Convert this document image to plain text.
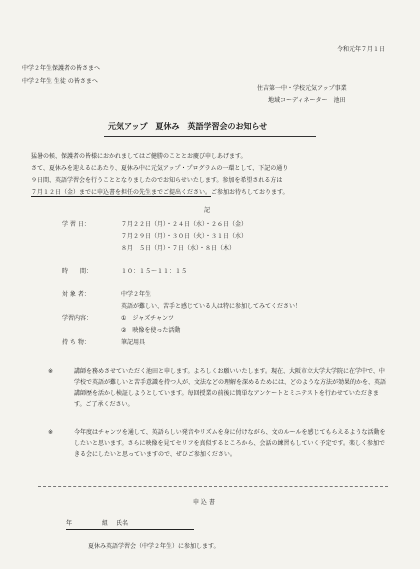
令和元年７月１日
中学２年生保護者の皆さまへ
中学２年生 生徒 の皆さまへ
住吉第一中・学校元気アップ事業
地域コーディネーター　池田
元気アップ　夏休み　英語学習会のお知らせ
猛暑の候、保護者の皆様におかれましてはご健勝のこととお慶び申しあげます。
さて、夏休みを迎えるにあたり、夏休み中に元気アップ・プログラムの一環として、下記の通り
９日間、英語学習会を行うこととなりましたのでお知らせいたします。参加を希望される方は
７月１２日（金）までに申込書を担任の先生までご提出ください。ご参加お待ちしております。
記
学 習 日：	７月２２日（月）・２４日（水）・２６日（金）
７月２９日（月）・３０日（火）・３１日（水）
８月　５日（月）・７日（水）・８日（木）
時　　間：	１０：１５～１１：１５
対 象 者：	中学２年生
英語が難しい、苦手と感じている人は特に参加してみてください！
学習内容：	①　ジャズチャンツ
②　映像を使った活動
持 ち 物：	筆記用具
※	講師を務めさせていただく池田と申します。よろしくお願いいたします。現在、大阪市立大学大学院に在学中で、中学校で英語が難しいと苦手意識を持つ人が、文法などの理解を深めるためには、どのような方法が効果的かを、英語講師歴を活かし検証しようとしています。毎回授業の前後に簡単なアンケートとミニテストを行わせていただきます。ご了承ください。
※	今年度はチャンツを通して、英語らしい発音やリズムを身に付けながら、文のルールを感じてもらえるような活動をしたいと思います。さらに映像を見てセリフを真似するところから、会話の練習もしていく予定です。楽しく参加できる会にしたいと思っていますので、ぜひご参加ください。
申 込 書
年	組 氏名
夏休み英語学習会（中学２年生）に参加します。
